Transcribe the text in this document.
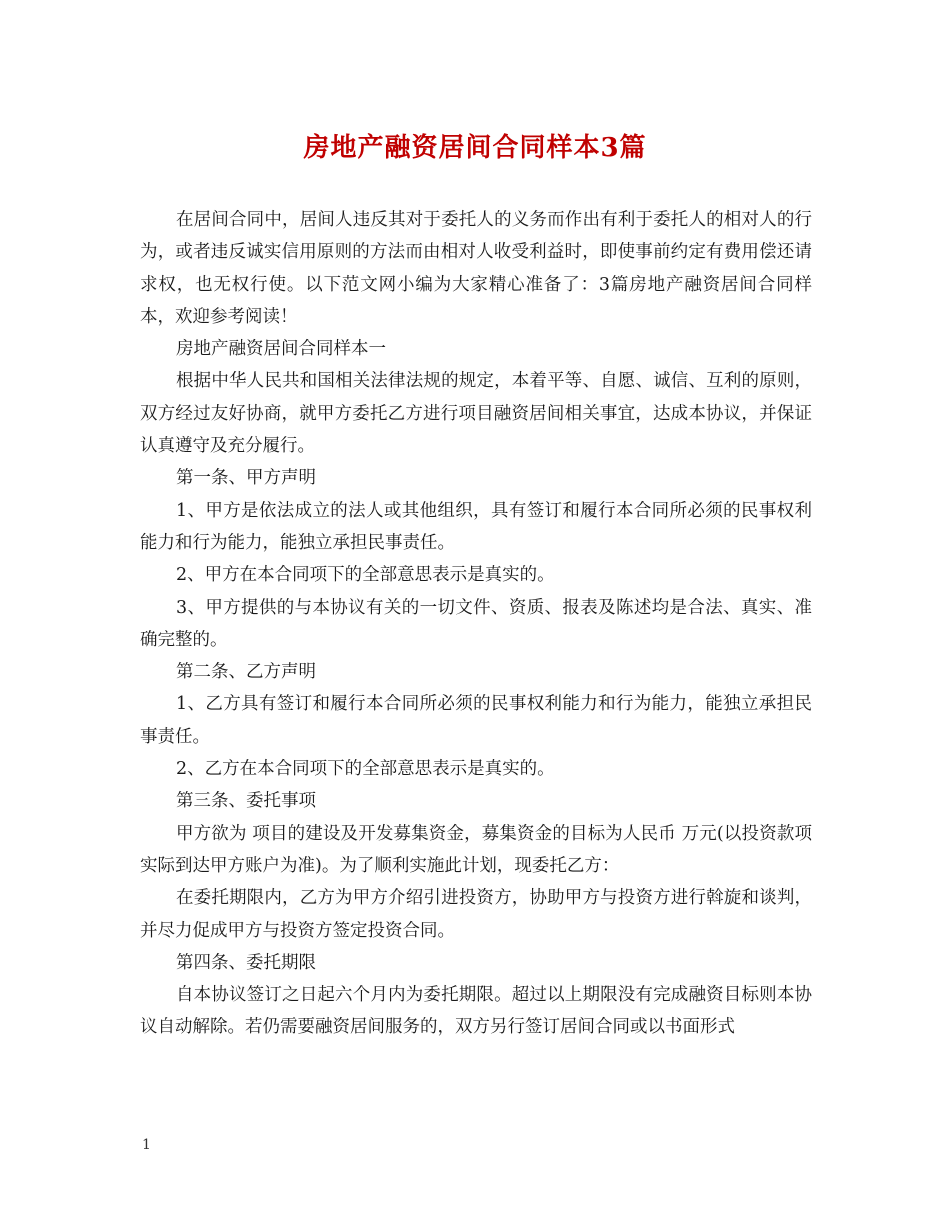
房地产融资居间合同样本3篇

在居间合同中，居间人违反其对于委托人的义务而作出有利于委托人的相对人的行为，或者违反诚实信用原则的方法而由相对人收受利益时，即使事前约定有费用偿还请求权，也无权行使。以下范文网小编为大家精心准备了：3篇房地产融资居间合同样本，欢迎参考阅读！

房地产融资居间合同样本一

根据中华人民共和国相关法律法规的规定，本着平等、自愿、诚信、互利的原则，双方经过友好协商，就甲方委托乙方进行项目融资居间相关事宜，达成本协议，并保证认真遵守及充分履行。

第一条、甲方声明

1、甲方是依法成立的法人或其他组织，具有签订和履行本合同所必须的民事权利能力和行为能力，能独立承担民事责任。

2、甲方在本合同项下的全部意思表示是真实的。

3、甲方提供的与本协议有关的一切文件、资质、报表及陈述均是合法、真实、准确完整的。

第二条、乙方声明

1、乙方具有签订和履行本合同所必须的民事权利能力和行为能力，能独立承担民事责任。

2、乙方在本合同项下的全部意思表示是真实的。

第三条、委托事项

甲方欲为 项目的建设及开发募集资金，募集资金的目标为人民币 万元(以投资款项实际到达甲方账户为准)。为了顺利实施此计划，现委托乙方：

在委托期限内，乙方为甲方介绍引进投资方，协助甲方与投资方进行斡旋和谈判，并尽力促成甲方与投资方签定投资合同。

第四条、委托期限

自本协议签订之日起六个月内为委托期限。超过以上期限没有完成融资目标则本协议自动解除。若仍需要融资居间服务的，双方另行签订居间合同或以书面形式

1
